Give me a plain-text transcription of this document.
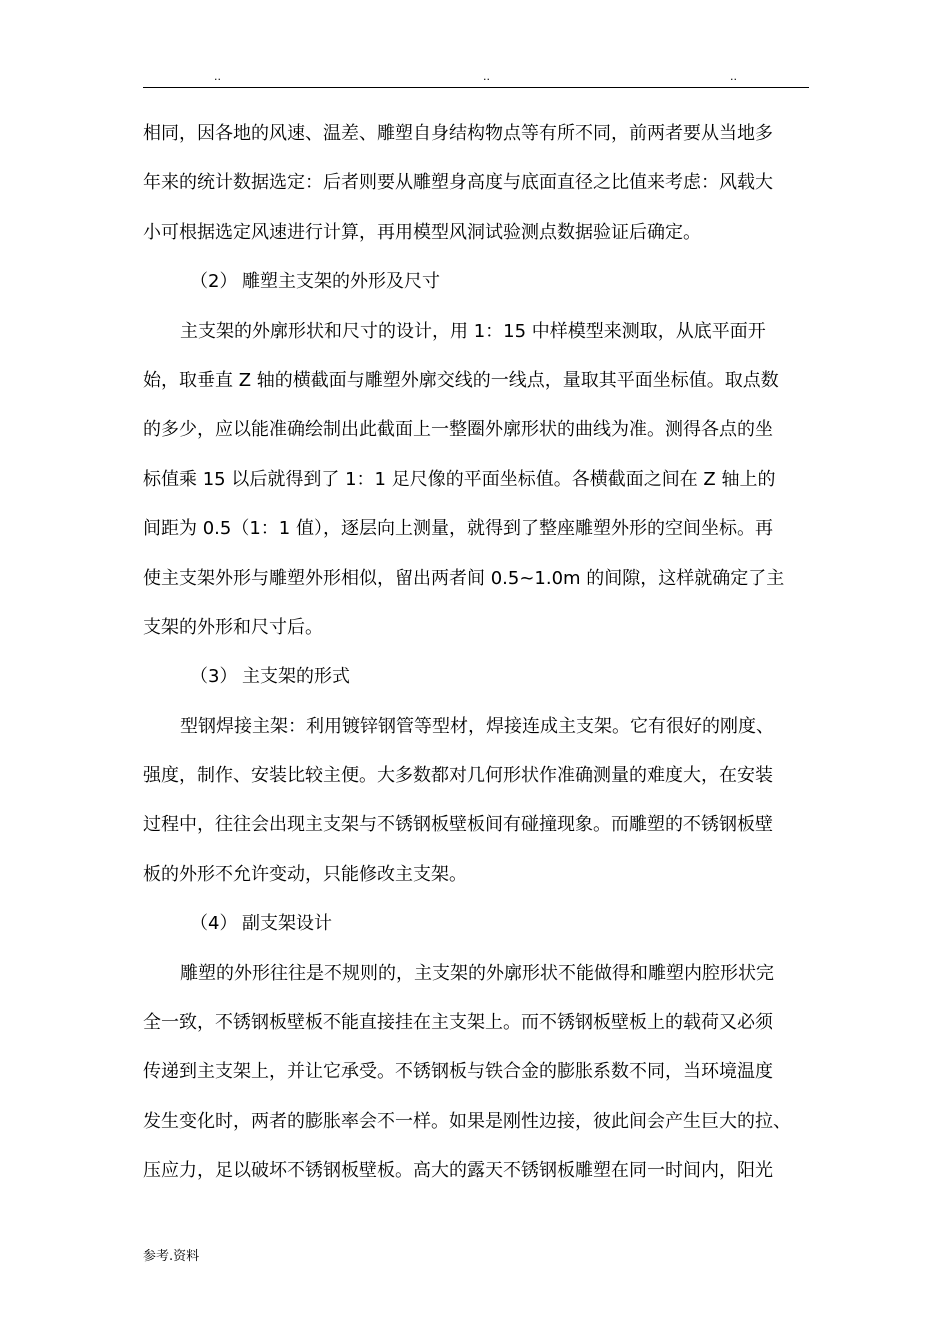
..	..	..
相同，因各地的风速、温差、雕塑自身结构物点等有所不同，前两者要从当地多
年来的统计数据选定：后者则要从雕塑身高度与底面直径之比值来考虑：风载大
小可根据选定风速进行计算，再用模型风洞试验测点数据验证后确定。
（2） 雕塑主支架的外形及尺寸
主支架的外廓形状和尺寸的设计，用 1：15 中样模型来测取，从底平面开
始，取垂直 Z 轴的横截面与雕塑外廓交线的一线点，量取其平面坐标值。取点数
的多少，应以能准确绘制出此截面上一整圈外廓形状的曲线为准。测得各点的坐
标值乘 15 以后就得到了 1：1 足尺像的平面坐标值。各横截面之间在 Z 轴上的
间距为 0.5（1：1 值），逐层向上测量，就得到了整座雕塑外形的空间坐标。再
使主支架外形与雕塑外形相似，留出两者间 0.5~1.0m 的间隙，这样就确定了主
支架的外形和尺寸后。
（3） 主支架的形式
型钢焊接主架：利用镀锌钢管等型材，焊接连成主支架。它有很好的刚度、
强度，制作、安装比较主便。大多数都对几何形状作准确测量的难度大，在安装
过程中，往往会出现主支架与不锈钢板壁板间有碰撞现象。而雕塑的不锈钢板壁
板的外形不允许变动，只能修改主支架。
（4） 副支架设计
雕塑的外形往往是不规则的，主支架的外廓形状不能做得和雕塑内腔形状完
全一致，不锈钢板壁板不能直接挂在主支架上。而不锈钢板壁板上的载荷又必须
传递到主支架上，并让它承受。不锈钢板与铁合金的膨胀系数不同，当环境温度
发生变化时，两者的膨胀率会不一样。如果是刚性边接，彼此间会产生巨大的拉、
压应力，足以破坏不锈钢板壁板。高大的露天不锈钢板雕塑在同一时间内，阳光
参考.资料
